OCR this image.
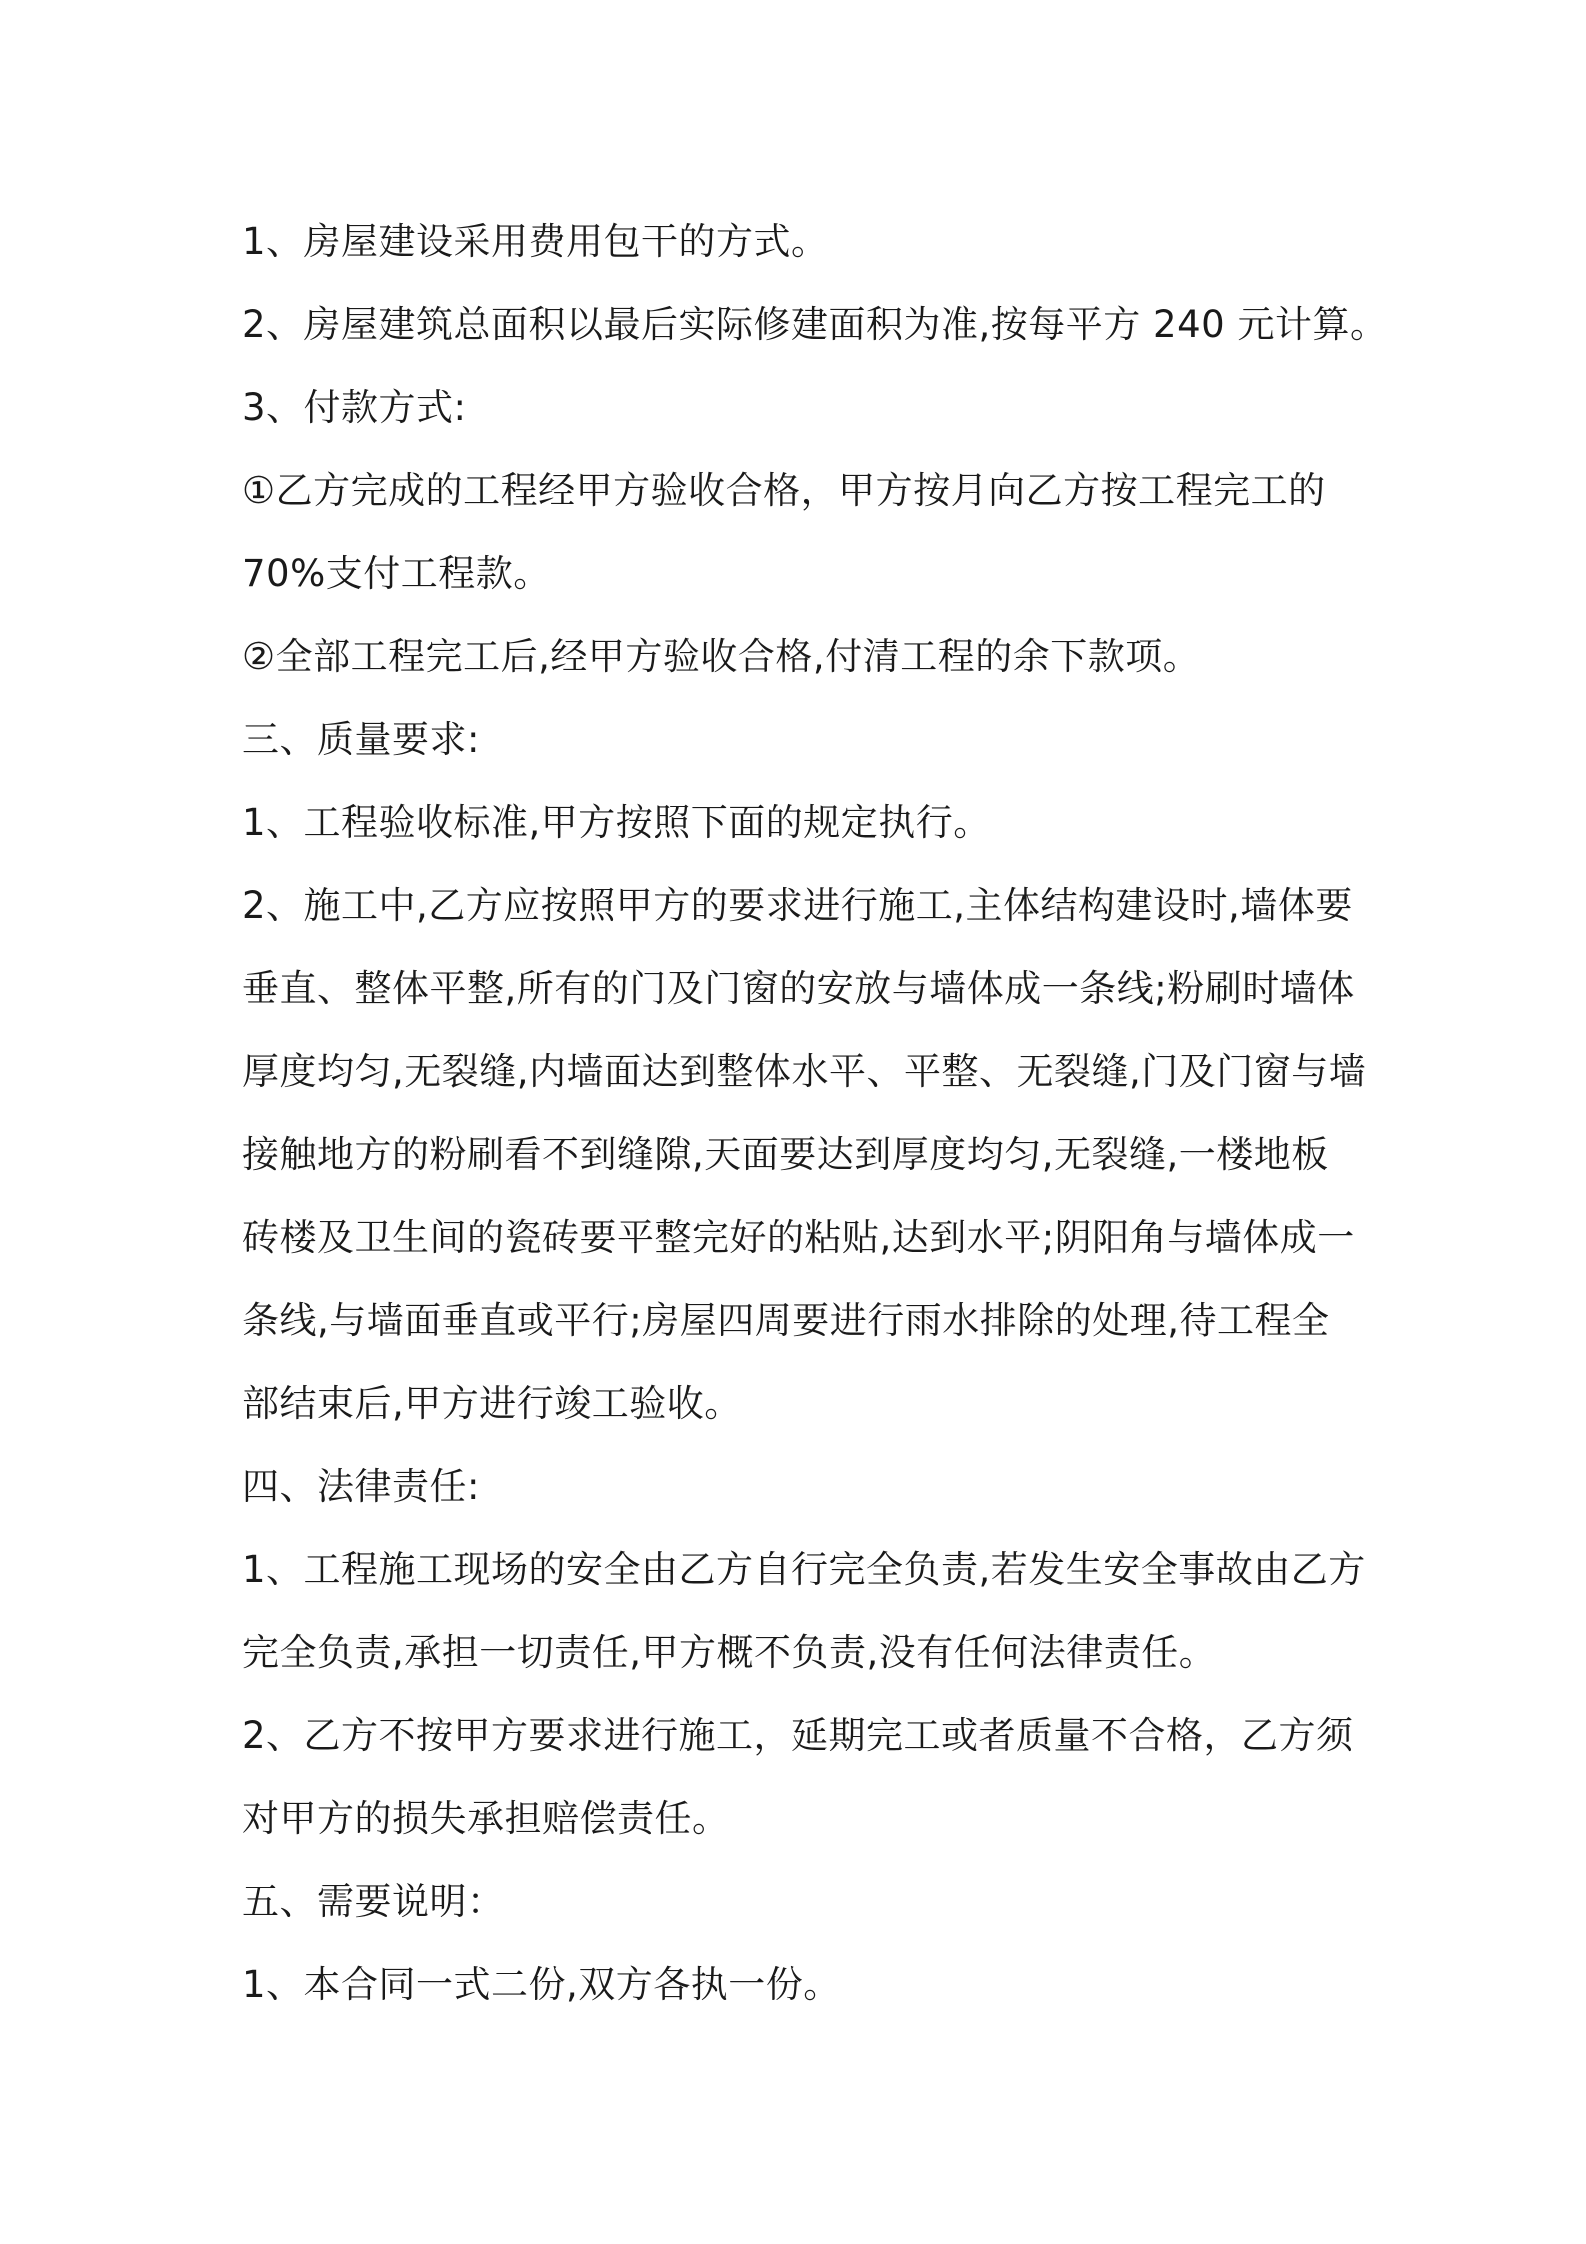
1、房屋建设采用费用包干的方式。

2、房屋建筑总面积以最后实际修建面积为准,按每平方 240 元计算。

3、付款方式:

①乙方完成的工程经甲方验收合格，甲方按月向乙方按工程完工的
70%支付工程款。

②全部工程完工后,经甲方验收合格,付清工程的余下款项。

三、质量要求:

1、工程验收标准,甲方按照下面的规定执行。

2、施工中,乙方应按照甲方的要求进行施工,主体结构建设时,墙体要
垂直、整体平整,所有的门及门窗的安放与墙体成一条线;粉刷时墙体
厚度均匀,无裂缝,内墙面达到整体水平、平整、无裂缝,门及门窗与墙
接触地方的粉刷看不到缝隙,天面要达到厚度均匀,无裂缝,一楼地板
砖楼及卫生间的瓷砖要平整完好的粘贴,达到水平;阴阳角与墙体成一
条线,与墙面垂直或平行;房屋四周要进行雨水排除的处理,待工程全
部结束后,甲方进行竣工验收。

四、法律责任:

1、工程施工现场的安全由乙方自行完全负责,若发生安全事故由乙方
完全负责,承担一切责任,甲方概不负责,没有任何法律责任。

2、乙方不按甲方要求进行施工，延期完工或者质量不合格，乙方须
对甲方的损失承担赔偿责任。

五、需要说明：

1、本合同一式二份,双方各执一份。
